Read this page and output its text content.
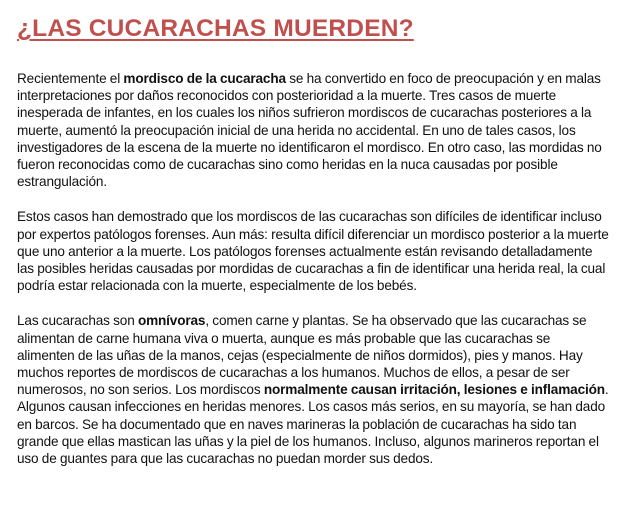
¿LAS CUCARACHAS MUERDEN?

Recientemente el mordisco de la cucaracha se ha convertido en foco de preocupación y en malas interpretaciones por daños reconocidos con posterioridad a la muerte. Tres casos de muerte inesperada de infantes, en los cuales los niños sufrieron mordiscos de cucarachas posteriores a la muerte, aumentó la preocupación inicial de una herida no accidental. En uno de tales casos, los investigadores de la escena de la muerte no identificaron el mordisco. En otro caso, las mordidas no fueron reconocidas como de cucarachas sino como heridas en la nuca causadas por posible estrangulación.

Estos casos han demostrado que los mordiscos de las cucarachas son difíciles de identificar incluso por expertos patólogos forenses. Aun más: resulta difícil diferenciar un mordisco posterior a la muerte que uno anterior a la muerte. Los patólogos forenses actualmente están revisando detalladamente las posibles heridas causadas por mordidas de cucarachas a fin de identificar una herida real, la cual podría estar relacionada con la muerte, especialmente de los bebés.

Las cucarachas son omnívoras, comen carne y plantas. Se ha observado que las cucarachas se alimentan de carne humana viva o muerta, aunque es más probable que las cucarachas se alimenten de las uñas de la manos, cejas (especialmente de niños dormidos), pies y manos. Hay muchos reportes de mordiscos de cucarachas a los humanos. Muchos de ellos, a pesar de ser numerosos, no son serios. Los mordiscos normalmente causan irritación, lesiones e inflamación. Algunos causan infecciones en heridas menores. Los casos más serios, en su mayoría, se han dado en barcos. Se ha documentado que en naves marineras la población de cucarachas ha sido tan grande que ellas mastican las uñas y la piel de los humanos. Incluso, algunos marineros reportan el uso de guantes para que las cucarachas no puedan morder sus dedos.
